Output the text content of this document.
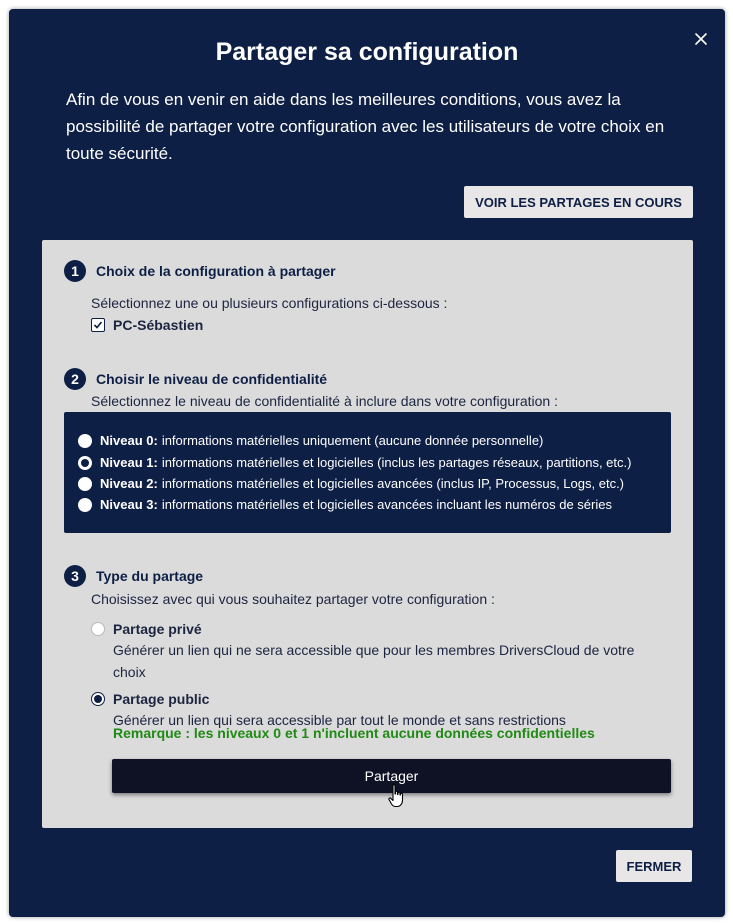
Partager sa configuration

Afin de vous en venir en aide dans les meilleures conditions, vous avez la possibilité de partager votre configuration avec les utilisateurs de votre choix en toute sécurité.

VOIR LES PARTAGES EN COURS
1	Choix de la configuration à partager
Sélectionnez une ou plusieurs configurations ci-dessous :
PC-Sébastien
2	Choisir le niveau de confidentialité
Sélectionnez le niveau de confidentialité à inclure dans votre configuration :
Niveau 0: informations matérielles uniquement (aucune donnée personnelle)
Niveau 1: informations matérielles et logicielles (inclus les partages réseaux, partitions, etc.)
Niveau 2: informations matérielles et logicielles avancées (inclus IP, Processus, Logs, etc.)
Niveau 3: informations matérielles et logicielles avancées incluant les numéros de séries
3	Type du partage
Choisissez avec qui vous souhaitez partager votre configuration :
Partage privé
Générer un lien qui ne sera accessible que pour les membres DriversCloud de votre choix
Partage public
Générer un lien qui sera accessible par tout le monde et sans restrictions
Remarque : les niveaux 0 et 1 n'incluent aucune données confidentielles
Partager
FERMER
